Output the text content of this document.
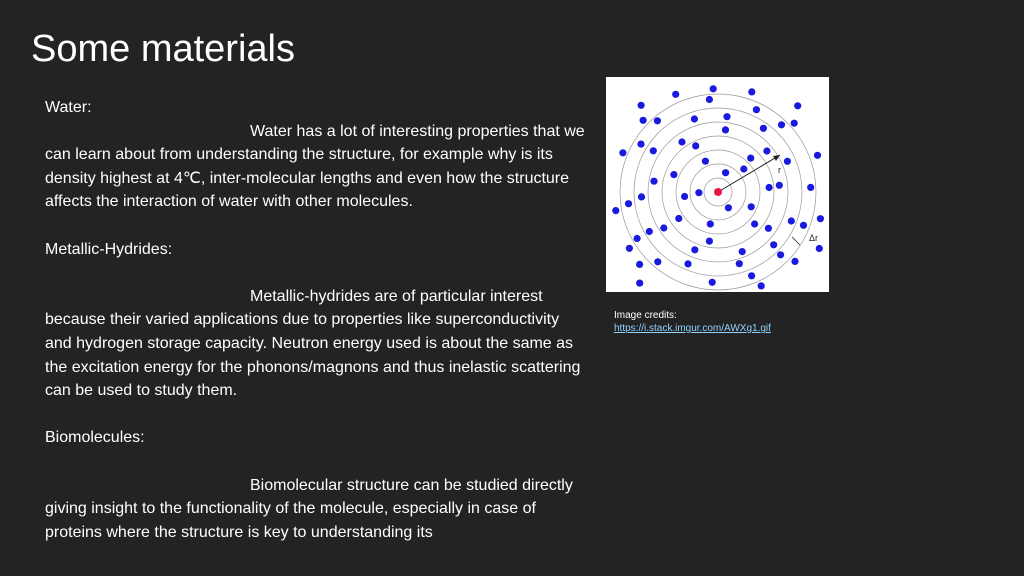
Some materials

Water:

Water has a lot of interesting properties that we can learn about from understanding the structure, for example why is its density highest at 4℃, inter-molecular lengths and even how the structure affects the interaction of water with other molecules.

Metallic-Hydrides:

Metallic-hydrides are of particular interest because their varied applications due to properties like superconductivity and hydrogen storage capacity. Neutron energy used is about the same as the excitation energy for the phonons/magnons and thus inelastic scattering can be used to study them.

Biomolecules:

Biomolecular structure can be studied directly giving insight to the functionality of the molecule, especially in case of proteins where the structure is key to understanding its

r
Δr
Image credits:
https://i.stack.imgur.com/AWXg1.gif
